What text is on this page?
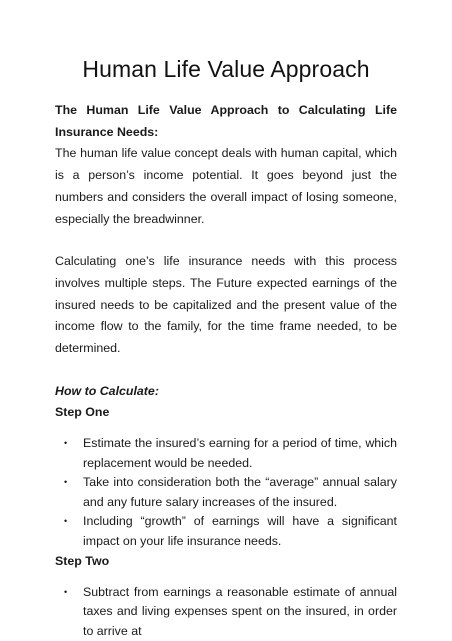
Human Life Value Approach

The Human Life Value Approach to Calculating Life Insurance Needs:

The human life value concept deals with human capital, which is a person’s income potential. It goes beyond just the numbers and considers the overall impact of losing someone, especially the breadwinner.

Calculating one’s life insurance needs with this process involves multiple steps. The Future expected earnings of the insured needs to be capitalized and the present value of the income flow to the family, for the time frame needed, to be determined.

How to Calculate:

Step One

• Estimate the insured’s earning for a period of time, which replacement would be needed.
• Take into consideration both the “average” annual salary and any future salary increases of the insured.
• Including “growth” of earnings will have a significant impact on your life insurance needs.

Step Two

• Subtract from earnings a reasonable estimate of annual taxes and living expenses spent on the insured, in order to arrive at
